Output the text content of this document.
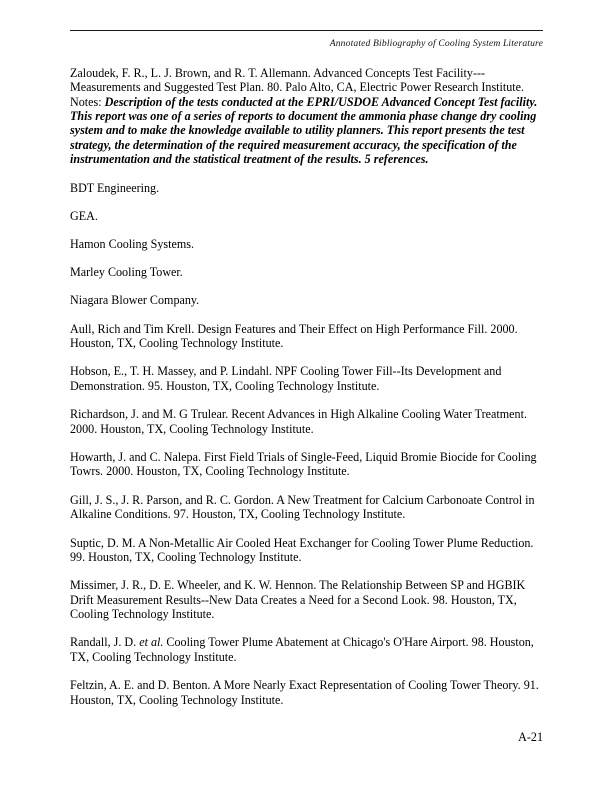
Annotated Bibliography of Cooling System Literature

Zaloudek, F. R., L. J. Brown, and R. T. Allemann. Advanced Concepts Test Facility---Measurements and Suggested Test Plan. 80. Palo Alto, CA, Electric Power Research Institute. Notes: Description of the tests conducted at the EPRI/USDOE Advanced Concept Test facility. This report was one of a series of reports to document the ammonia phase change dry cooling system and to make the knowledge available to utility planners. This report presents the test strategy, the determination of the required measurement accuracy, the specification of the instrumentation and the statistical treatment of the results. 5 references.

BDT Engineering.

GEA.

Hamon Cooling Systems.

Marley Cooling Tower.

Niagara Blower Company.

Aull, Rich and Tim Krell. Design Features and Their Effect on High Performance Fill. 2000. Houston, TX, Cooling Technology Institute.

Hobson, E., T. H. Massey, and P. Lindahl. NPF Cooling Tower Fill--Its Development and Demonstration. 95. Houston, TX, Cooling Technology Institute.

Richardson, J. and M. G Trulear. Recent Advances in High Alkaline Cooling Water Treatment. 2000. Houston, TX, Cooling Technology Institute.

Howarth, J. and C. Nalepa. First Field Trials of Single-Feed, Liquid Bromie Biocide for Cooling Towrs. 2000. Houston, TX, Cooling Technology Institute.

Gill, J. S., J. R. Parson, and R. C. Gordon. A New Treatment for Calcium Carbonoate Control in Alkaline Conditions. 97. Houston, TX, Cooling Technology Institute.

Suptic, D. M. A Non-Metallic Air Cooled Heat Exchanger for Cooling Tower Plume Reduction. 99. Houston, TX, Cooling Technology Institute.

Missimer, J. R., D. E. Wheeler, and K. W. Hennon. The Relationship Between SP and HGBIK Drift Measurement Results--New Data Creates a Need for a Second Look. 98. Houston, TX, Cooling Technology Institute.

Randall, J. D. et al. Cooling Tower Plume Abatement at Chicago's O'Hare Airport. 98. Houston, TX, Cooling Technology Institute.

Feltzin, A. E. and D. Benton. A More Nearly Exact Representation of Cooling Tower Theory. 91. Houston, TX, Cooling Technology Institute.

A-21
